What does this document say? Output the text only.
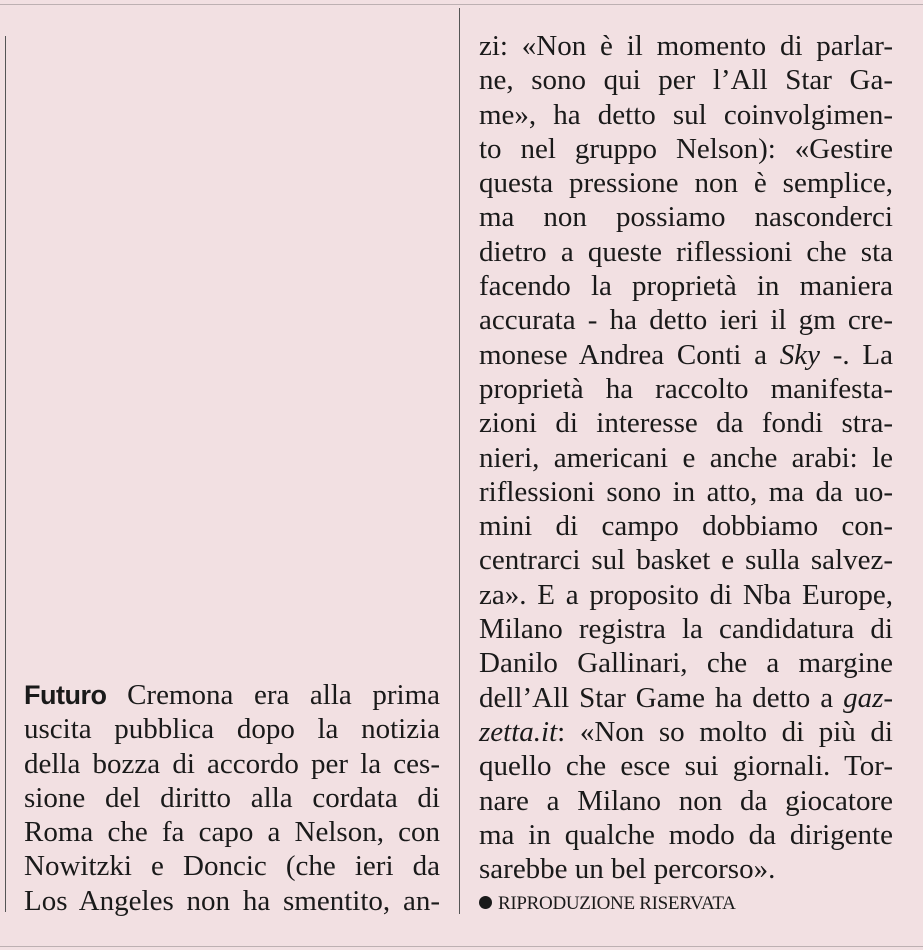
Futuro Cremona era alla prima
uscita pubblica dopo la notizia
della bozza di accordo per la ces-
sione del diritto alla cordata di
Roma che fa capo a Nelson, con
Nowitzki e Doncic (che ieri da
Los Angeles non ha smentito, an-
zi: «Non è il momento di parlar-
ne, sono qui per l’All Star Ga-
me», ha detto sul coinvolgimen-
to nel gruppo Nelson): «Gestire
questa pressione non è semplice,
ma non possiamo nasconderci
dietro a queste riflessioni che sta
facendo la proprietà in maniera
accurata - ha detto ieri il gm cre-
monese Andrea Conti a Sky -. La
proprietà ha raccolto manifesta-
zioni di interesse da fondi stra-
nieri, americani e anche arabi: le
riflessioni sono in atto, ma da uo-
mini di campo dobbiamo con-
centrarci sul basket e sulla salvez-
za». E a proposito di Nba Europe,
Milano registra la candidatura di
Danilo Gallinari, che a margine
dell’All Star Game ha detto a gaz-
zetta.it: «Non so molto di più di
quello che esce sui giornali. Tor-
nare a Milano non da giocatore
ma in qualche modo da dirigente
sarebbe un bel percorso».
RIPRODUZIONE RISERVATA
